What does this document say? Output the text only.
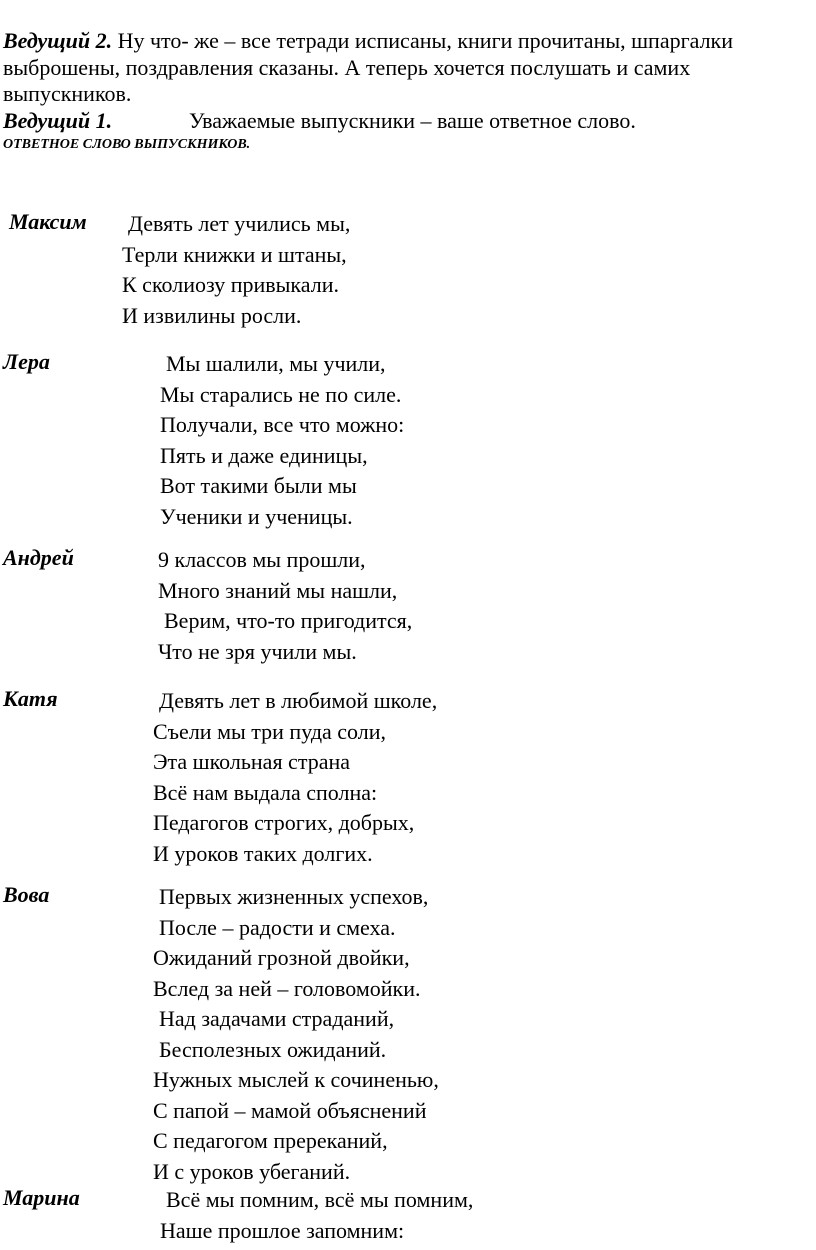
Ведущий 2. Ну что- же – все тетради исписаны, книги прочитаны, шпаргалки выброшены, поздравления сказаны. А теперь хочется послушать и самих выпускников.

Ведущий 1.	Уважаемые выпускники – ваше ответное слово.

ОТВЕТНОЕ СЛОВО ВЫПУСКНИКОВ.
Максим Девять лет учились мы,
Терли книжки и штаны,
К сколиозу привыкали.
И извилины росли.
Лера	Мы шалили, мы учили,
Мы старались не по силе.
Получали, все что можно:
Пять и даже единицы,
Вот такими были мы
Ученики и ученицы.
Андрей	9 классов мы прошли,
Много знаний мы нашли,
Верим, что-то пригодится,
Что не зря учили мы.
Катя	Девять лет в любимой школе,
Съели мы три пуда соли,
Эта школьная страна
Всё нам выдала сполна:
Педагогов строгих, добрых,
И уроков таких долгих.
Вова	Первых жизненных успехов,
После – радости и смеха.
Ожиданий грозной двойки,
Вслед за ней – головомойки.
Над задачами страданий,
Бесполезных ожиданий.
Нужных мыслей к сочиненью,
С папой – мамой объяснений
С педагогом пререканий,
И с уроков убеганий.
Марина	Всё мы помним, всё мы помним,
Наше прошлое запомним:
